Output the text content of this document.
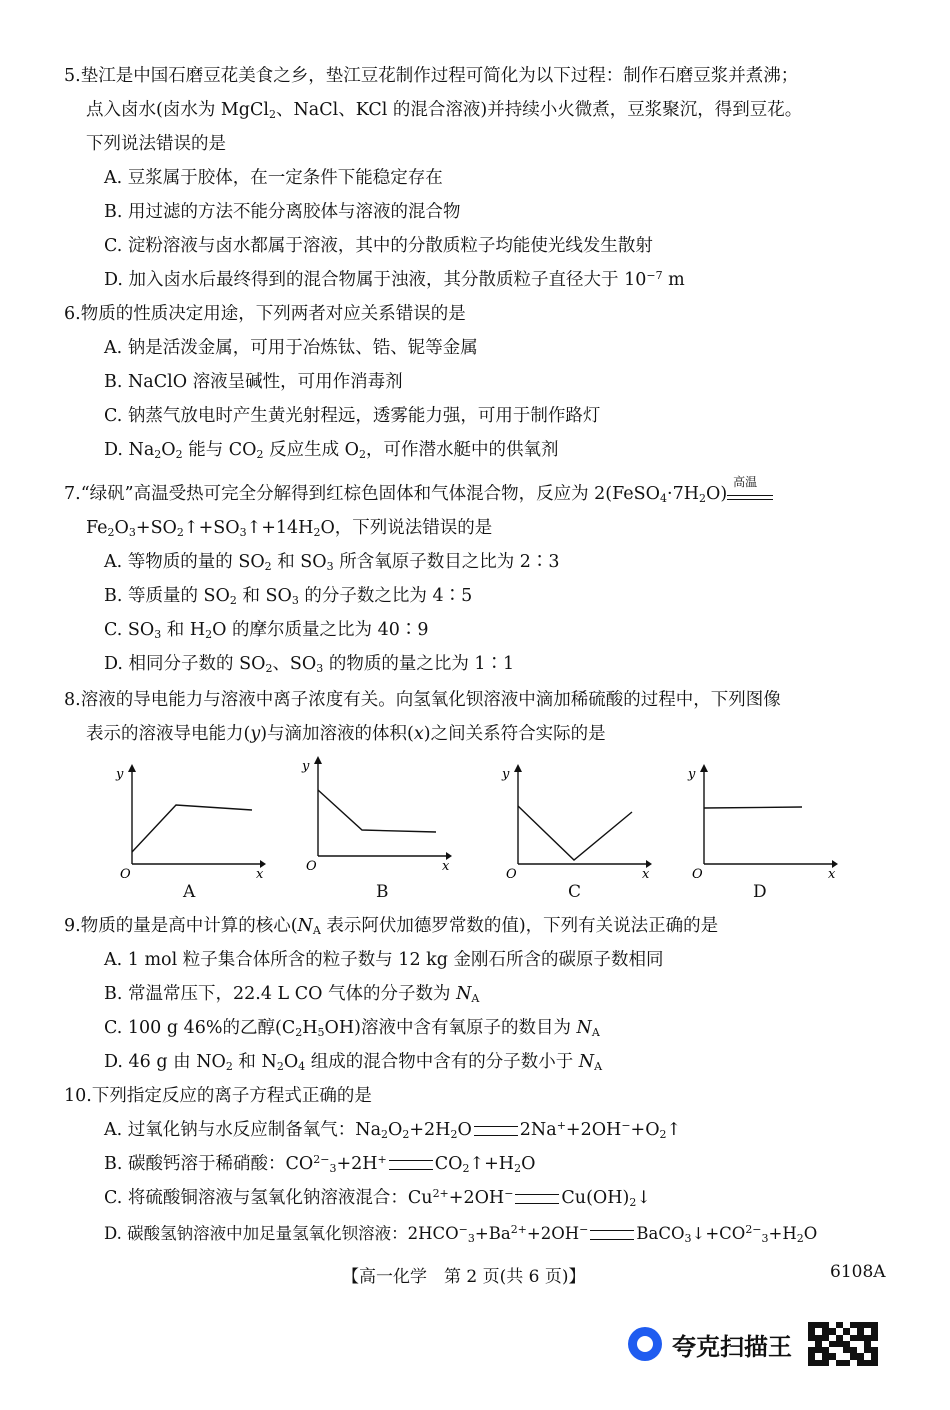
5.垫江是中国石磨豆花美食之乡，垫江豆花制作过程可简化为以下过程：制作石磨豆浆并煮沸；
点入卤水(卤水为 MgCl$_2$、NaCl、KCl 的混合溶液)并持续小火微煮，豆浆聚沉，得到豆花。
下列说法错误的是
A. 豆浆属于胶体，在一定条件下能稳定存在
B. 用过滤的方法不能分离胶体与溶液的混合物
C. 淀粉溶液与卤水都属于溶液，其中的分散质粒子均能使光线发生散射
D. 加入卤水后最终得到的混合物属于浊液，其分散质粒子直径大于 $10^{-7}$ m
6.物质的性质决定用途，下列两者对应关系错误的是
A. 钠是活泼金属，可用于冶炼钛、锆、铌等金属
B. NaClO 溶液呈碱性，可用作消毒剂
C. 钠蒸气放电时产生黄光射程远，透雾能力强，可用于制作路灯
D. $Na_2O_2$ 能与 $CO_2$ 反应生成 $O_2$，可作潜水艇中的供氧剂
7.“绿矾”高温受热可完全分解得到红棕色固体和气体混合物，反应为 $2(FeSO_4\cdot 7H_2O)$
高温
$Fe_2O_3+SO_2↑+SO_3↑+14H_2O$，下列说法错误的是
A. 等物质的量的 $SO_2$ 和 $SO_3$ 所含氧原子数目之比为 2∶3
B. 等质量的 $SO_2$ 和 $SO_3$ 的分子数之比为 4∶5
C. $SO_3$ 和 $H_2O$ 的摩尔质量之比为 40∶9
D. 相同分子数的 $SO_2$、$SO_3$ 的物质的量之比为 1∶1
8.溶液的导电能力与溶液中离子浓度有关。向氢氧化钡溶液中滴加稀硫酸的过程中，下列图像
表示的溶液导电能力(y)与滴加溶液的体积(x)之间关系符合实际的是
y
x
O
A
y
x
O
B
y
x
O
C
y
x
O
D
9.物质的量是高中计算的核心($N_A$ 表示阿伏加德罗常数的值)，下列有关说法正确的是
A. 1 mol 粒子集合体所含的粒子数与 12 kg 金刚石所含的碳原子数相同
B. 常温常压下，22.4 L CO 气体的分子数为 $N_A$
C. 100 g 46%的乙醇$(C_2H_5OH)$溶液中含有氧原子的数目为 $N_A$
D. 46 g 由 $NO_2$ 和 $N_2O_4$ 组成的混合物中含有的分子数小于 $N_A$
10.下列指定反应的离子方程式正确的是
A. 过氧化钠与水反应制备氧气：$Na_2O_2+2H_2O$	$2Na^++2OH^-+O_2↑$
B. 碳酸钙溶于稀硝酸：$CO^{2-}_3+2H^+$	$CO_2↑+H_2O$
C. 将硫酸铜溶液与氢氧化钠溶液混合：$Cu^{2+}+2OH^-$	$Cu(OH)_2↓$
D. 碳酸氢钠溶液中加足量氢氧化钡溶液：$2HCO^-_3+Ba^{2+}+2OH^-$	$BaCO_3↓+CO^{2-}_3+H_2O$
【高一化学　第 2 页(共 6 页)】	6108A
夸克扫描王
